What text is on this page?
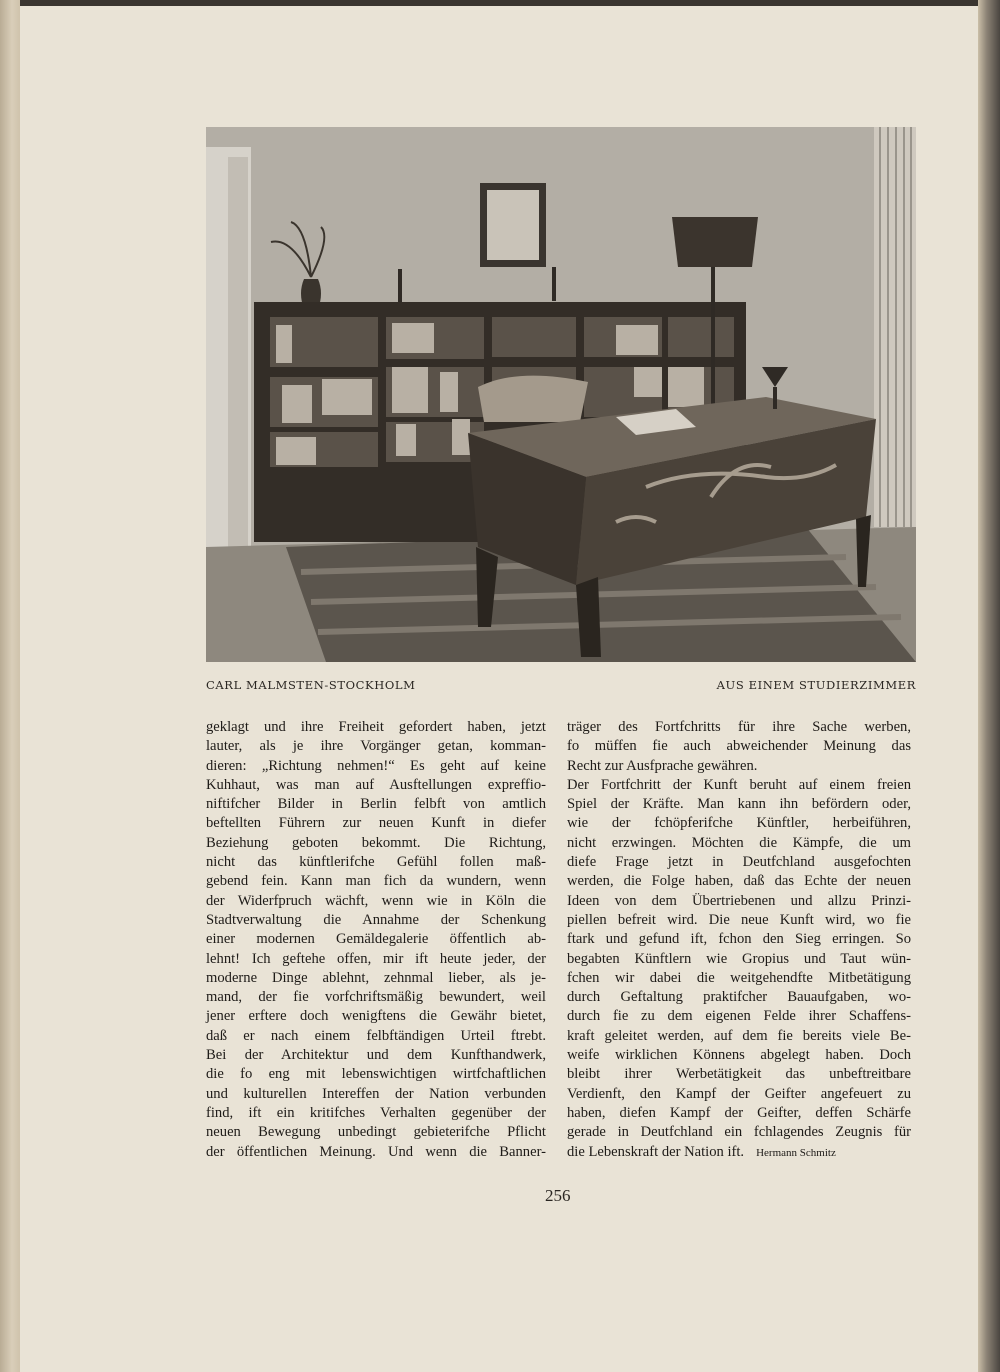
CARL MALMSTEN-STOCKHOLM	AUS EINEM STUDIERZIMMER
geklagt und ihre Freiheit gefordert haben, jetzt
lauter, als je ihre Vorgänger getan, komman-
dieren: „Richtung nehmen!“ Es geht auf keine
Kuhhaut, was man auf Ausftellungen expreffio-
niftifcher Bilder in Berlin felbft von amtlich
beftellten Führern zur neuen Kunft in diefer
Beziehung geboten bekommt. Die Richtung,
nicht das künftlerifche Gefühl follen maß-
gebend fein. Kann man fich da wundern, wenn
der Widerfpruch wächft, wenn wie in Köln die
Stadtverwaltung die Annahme der Schenkung
einer modernen Gemäldegalerie öffentlich ab-
lehnt! Ich geftehe offen, mir ift heute jeder, der
moderne Dinge ablehnt, zehnmal lieber, als je-
mand, der fie vorfchriftsmäßig bewundert, weil
jener erftere doch wenigftens die Gewähr bietet,
daß er nach einem felbftändigen Urteil ftrebt.
Bei der Architektur und dem Kunfthandwerk,
die fo eng mit lebenswichtigen wirtfchaftlichen
und kulturellen Intereffen der Nation verbunden
find, ift ein kritifches Verhalten gegenüber der
neuen Bewegung unbedingt gebieterifche Pflicht
der öffentlichen Meinung. Und wenn die Banner-
träger des Fortfchritts für ihre Sache werben,
fo müffen fie auch abweichender Meinung das
Recht zur Ausfprache gewähren.
Der Fortfchritt der Kunft beruht auf einem freien
Spiel der Kräfte. Man kann ihn befördern oder,
wie der fchöpferifche Künftler, herbeiführen,
nicht erzwingen. Möchten die Kämpfe, die um
diefe Frage jetzt in Deutfchland ausgefochten
werden, die Folge haben, daß das Echte der neuen
Ideen von dem Übertriebenen und allzu Prinzi-
piellen befreit wird. Die neue Kunft wird, wo fie
ftark und gefund ift, fchon den Sieg erringen. So
begabten Künftlern wie Gropius und Taut wün-
fchen wir dabei die weitgehendfte Mitbetätigung
durch Geftaltung praktifcher Bauaufgaben, wo-
durch fie zu dem eigenen Felde ihrer Schaffens-
kraft geleitet werden, auf dem fie bereits viele Be-
weife wirklichen Könnens abgelegt haben. Doch
bleibt ihrer Werbetätigkeit das unbeftreitbare
Verdienft, den Kampf der Geifter angefeuert zu
haben, diefen Kampf der Geifter, deffen Schärfe
gerade in Deutfchland ein fchlagendes Zeugnis für
die Lebenskraft der Nation ift. Hermann Schmitz
256
